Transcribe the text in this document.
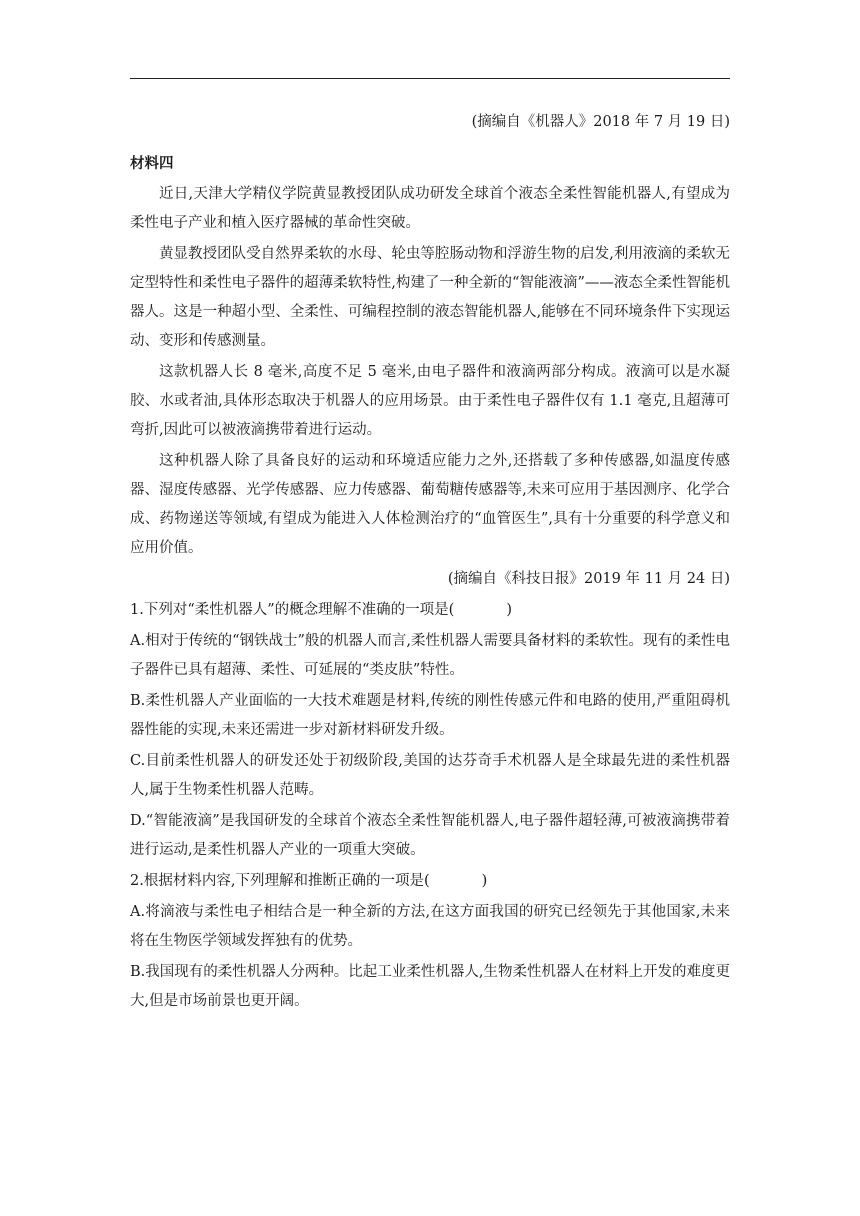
(摘编自《机器人》2018 年 7 月 19 日)

材料四

近日,天津大学精仪学院黄显教授团队成功研发全球首个液态全柔性智能机器人,有望成为柔性电子产业和植入医疗器械的革命性突破。

黄显教授团队受自然界柔软的水母、轮虫等腔肠动物和浮游生物的启发,利用液滴的柔软无定型特性和柔性电子器件的超薄柔软特性,构建了一种全新的“智能液滴”——液态全柔性智能机器人。这是一种超小型、全柔性、可编程控制的液态智能机器人,能够在不同环境条件下实现运动、变形和传感测量。

这款机器人长 8 毫米,高度不足 5 毫米,由电子器件和液滴两部分构成。液滴可以是水凝胶、水或者油,具体形态取决于机器人的应用场景。由于柔性电子器件仅有 1.1 毫克,且超薄可弯折,因此可以被液滴携带着进行运动。

这种机器人除了具备良好的运动和环境适应能力之外,还搭载了多种传感器,如温度传感器、湿度传感器、光学传感器、应力传感器、葡萄糖传感器等,未来可应用于基因测序、化学合成、药物递送等领域,有望成为能进入人体检测治疗的“血管医生”,具有十分重要的科学意义和应用价值。

(摘编自《科技日报》2019 年 11 月 24 日)

1.下列对“柔性机器人”的概念理解不准确的一项是(	)

A.相对于传统的“钢铁战士”般的机器人而言,柔性机器人需要具备材料的柔软性。现有的柔性电子器件已具有超薄、柔性、可延展的“类皮肤”特性。

B.柔性机器人产业面临的一大技术难题是材料,传统的刚性传感元件和电路的使用,严重阻碍机器性能的实现,未来还需进一步对新材料研发升级。

C.目前柔性机器人的研发还处于初级阶段,美国的达芬奇手术机器人是全球最先进的柔性机器人,属于生物柔性机器人范畴。

D.“智能液滴”是我国研发的全球首个液态全柔性智能机器人,电子器件超轻薄,可被液滴携带着进行运动,是柔性机器人产业的一项重大突破。

2.根据材料内容,下列理解和推断正确的一项是(	)

A.将滴液与柔性电子相结合是一种全新的方法,在这方面我国的研究已经领先于其他国家,未来将在生物医学领域发挥独有的优势。

B.我国现有的柔性机器人分两种。比起工业柔性机器人,生物柔性机器人在材料上开发的难度更大,但是市场前景也更开阔。
